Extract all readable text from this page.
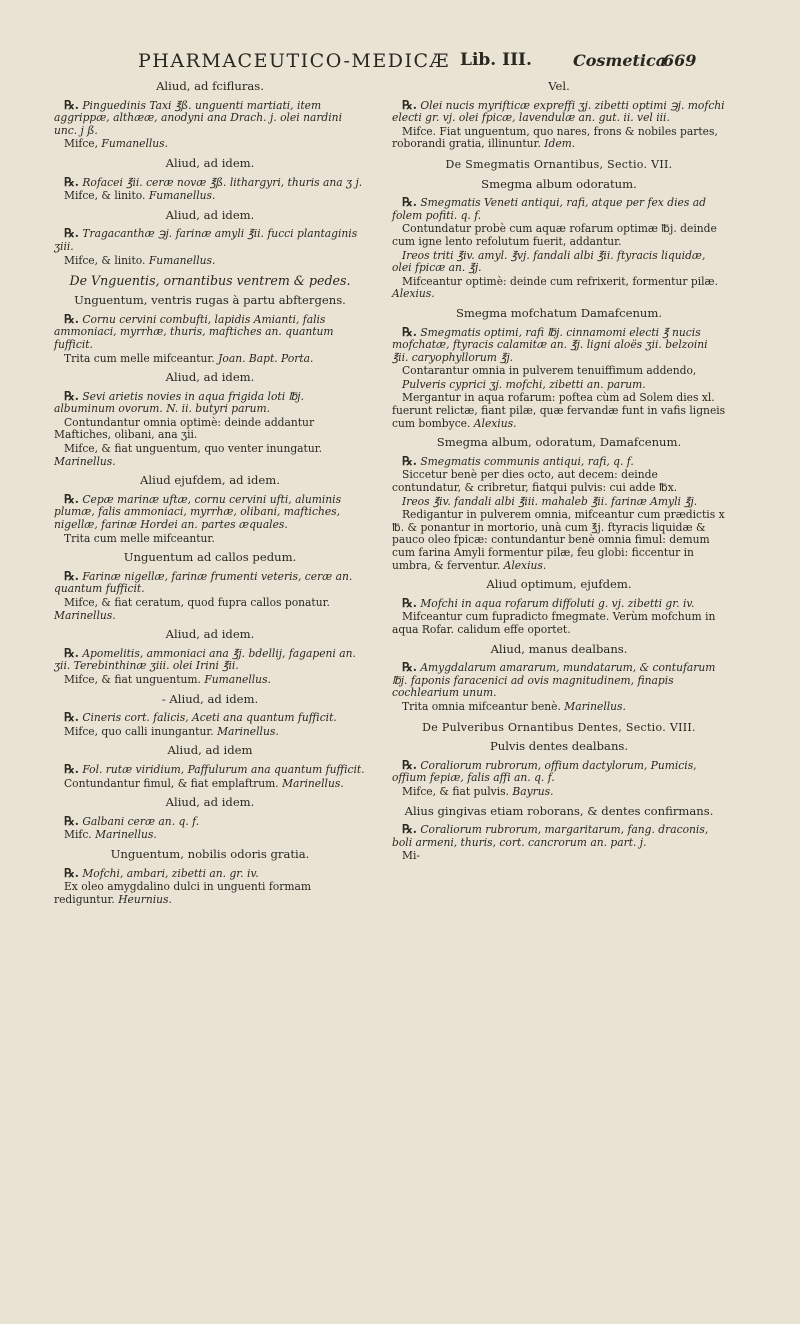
PHARMACEUTICO-MEDICÆ Lib. III.	Cosmetica
669
Aliud, ad fcifluras.
℞. Pinguedinis Taxi ℥ß. unguenti martiati, item aggrippæ, althææ, anodyni ana Drach. j. olei nardini unc. j ß.
Mifce, Fumanellus.
Aliud, ad idem.
℞. Rofacei ℥ii. ceræ novæ ℥ß. lithargyri, thuris ana ʒ j.
Mifce, & linito. Fumanellus.
Aliud, ad idem.
℞. Tragacanthæ ℈j. farinæ amyli ℥ii. fucci plantaginis ʒiii.
Mifce, & linito. Fumanellus.
De Vnguentis, ornantibus ventrem & pedes.
Unguentum, ventris rugas à partu abftergens.
℞. Cornu cervini combufti, lapidis Amianti, falis ammoniaci, myrrhæ, thuris, maftiches an. quantum fufficit.
Trita cum melle mifceantur. Joan. Bapt. Porta.
Aliud, ad idem.
℞. Sevi arietis novies in aqua frigida loti ℔j. albuminum ovorum. N. ii. butyri parum.
Contundantur omnia optimè: deinde addantur Maftiches, olibani, ana ʒii.
Mifce, & fiat unguentum, quo venter inungatur. Marinellus.
Aliud ejufdem, ad idem.
℞. Cepæ marinæ uftæ, cornu cervini ufti, aluminis plumæ, falis ammoniaci, myrrhæ, olibani, maftiches, nigellæ, farinæ Hordei an. partes æquales.
Trita cum melle mifceantur.
Unguentum ad callos pedum.
℞. Farinæ nigellæ, farinæ frumenti veteris, ceræ an. quantum fufficit.
Mifce, & fiat ceratum, quod fupra callos ponatur. Marinellus.
Aliud, ad idem.
℞. Apomelitis, ammoniaci ana ℥j. bdellij, fagapeni an. ʒii. Terebinthinæ ʒiii. olei Irini ℥ii.
Mifce, & fiat unguentum. Fumanellus.
- Aliud, ad idem.
℞. Cineris cort. falicis, Aceti ana quantum fufficit.
Mifce, quo calli inungantur. Marinellus.
Aliud, ad idem
℞. Fol. rutæ viridium, Paffulurum ana quantum fufficit.
Contundantur fimul, & fiat emplaftrum. Marinellus.
Aliud, ad idem.
℞. Galbani ceræ an. q. f.
Mifc. Marinellus.
Unguentum, nobilis odoris gratia.
℞. Mofchi, ambari, zibetti an. gr. iv.
Ex oleo amygdalino dulci in unguenti formam rediguntur. Heurnius.
Vel.
℞. Olei nucis myrifticæ expreffi ʒj. zibetti optimi ℈j. mofchi electi gr. vj. olei fpicæ, lavendulæ an. gut. ii. vel iii.
Mifce. Fiat unguentum, quo nares, frons & nobiles partes, roborandi gratia, illinuntur. Idem.
De Smegmatis Ornantibus, Sectio. VII.
Smegma album odoratum.
℞. Smegmatis Veneti antiqui, rafi, atque per fex dies ad folem pofiti. q. f.
Contundatur probè cum aquæ rofarum optimæ ℔j. deinde cum igne lento refolutum fuerit, addantur.
Ireos triti ℥iv. amyl. ℥vj. fandali albi ℥ii. ftyracis liquidæ, olei fpicæ an. ℥j.
Mifceantur optimè: deinde cum refrixerit, formentur pilæ. Alexius.
Smegma mofchatum Damafcenum.
℞. Smegmatis optimi, rafi ℔j. cinnamomi electi ℥ nucis mofchatæ, ftyracis calamitæ an. ℥j. ligni aloës ʒii. belzoini ℥ii. caryophyllorum ℥j.
Contarantur omnia in pulverem tenuiffimum addendo,
Pulveris cyprici ʒj. mofchi, zibetti an. parum.
Mergantur in aqua rofarum: poftea cùm ad Solem dies xl. fuerunt relictæ, fiant pilæ, quæ fervandæ funt in vafis ligneis cum bombyce. Alexius.
Smegma album, odoratum, Damafcenum.
℞. Smegmatis communis antiqui, rafi, q. f.
Siccetur benè per dies octo, aut decem: deinde contundatur, & cribretur, fiatqui pulvis: cui adde ℔x.
Ireos ℥iv. fandali albi ℥iii. mahaleb ℥ii. farinæ Amyli ℥j.
Redigantur in pulverem omnia, mifceantur cum prædictis x ℔. & ponantur in mortorio, unà cum ℥j. ftyracis liquidæ & pauco oleo fpicæ: contundantur benè omnia fimul: demum cum farina Amyli formentur pilæ, feu globi: ficcentur in umbra, & ferventur. Alexius.
Aliud optimum, ejufdem.
℞. Mofchi in aqua rofarum diffoluti g. vj. zibetti gr. iv.
Mifceantur cum fupradicto fmegmate. Verùm mofchum in aqua Rofar. calidum effe oportet.
Aliud, manus dealbans.
℞. Amygdalarum amararum, mundatarum, & contufarum ℔j. faponis faracenici ad ovis magnitudinem, finapis cochlearium unum.
Trita omnia mifceantur benè. Marinellus.
De Pulveribus Ornantibus Dentes, Sectio. VIII.
Pulvis dentes dealbans.
℞. Coraliorum rubrorum, offium dactylorum, Pumicis, offium fepiæ, falis affi an. q. f.
Mifce, & fiat pulvis. Bayrus.
Alius gingivas etiam roborans, & dentes confirmans.
℞. Coraliorum rubrorum, margaritarum, fang. draconis, boli armeni, thuris, cort. cancrorum an. part. j.
Mi-
